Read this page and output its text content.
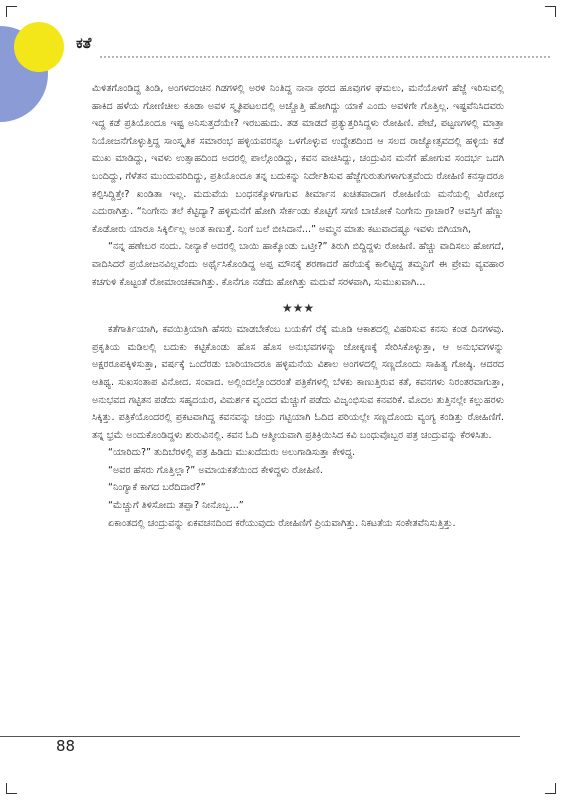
ಕತೆ

ಮಿಳಿತಗೊಂಡಿದ್ದ ತಿಂಡಿ, ಅಂಗಳದಂಚಿನ ಗಿಡಗಳಲ್ಲಿ ಅರಳಿ ನಿಂತಿದ್ದ ನಾನಾ ಥರದ ಹೂವುಗಳ ಘಮಲು, ಮನೆಯೊಳಗೆ ಹೆಜ್ಜೆ ಇರಿಸುವಲ್ಲಿ ಹಾಕಿದ ಹಳೆಯ ಗೋಣಿಚೀಲ ಕೂಡಾ ಅವಳ ಸ್ಮೃತಿಪಟಲದಲ್ಲಿ ಅಚ್ಚೊತ್ತಿ ಹೋಗಿದ್ದು ಯಾಕೆ ಎಂದು ಅವಳಿಗೇ ಗೊತ್ತಿಲ್ಲ. ಇಷ್ಟವೆನಿಸಿದವರು ಇದ್ದ ಕಡೆ ಪ್ರತಿಯೊಂದೂ ಇಷ್ಟ ಅನಿಸುತ್ತದೆಯೇ? ಇರಬಹುದು. ತಡ ಮಾಡದೆ ಪ್ರತ್ಯುತ್ತರಿಸಿದ್ದಳು ರೋಹಿಣಿ. ಪೇಟೆ, ಪಟ್ಟಣಗಳಲ್ಲಿ ಮಾತ್ರಾ ನಿಯೋಜನೆಗೊಳ್ಳುತ್ತಿದ್ದ ಸಾಂಸ್ಕೃತಿಕ ಸಮಾರಂಭ ಹಳ್ಳಿಯವರನ್ನೂ ಒಳಗೊಳ್ಳುವ ಉದ್ದೇಶದಿಂದ ಆ ಸಲದ ರಾಜ್ಯೋತ್ಸವದಲ್ಲಿ ಹಳ್ಳಿಯ ಕಡೆ ಮುಖ ಮಾಡಿದ್ದು, ಇವಳು ಉತ್ಸಾಹದಿಂದ ಅದರಲ್ಲಿ ಪಾಲ್ಗೊಂಡಿದ್ದು, ಕವನ ವಾಚಿಸಿದ್ದು, ಚಂದ್ರುವಿನ ಮನೆಗೆ ಹೋಗುವ ಸಂದರ್ಭ ಒದಗಿ ಬಂದಿದ್ದು, ಗೆಳೆತನ ಮುಂದುವರಿದಿದ್ದು, ಪ್ರತಿಯೊಂದೂ ತನ್ನ ಬದುಕನ್ನು ನಿರ್ದೇಶಿಸುವ ಹೆಜ್ಜೆಗುರುತುಗಳಾಗುತ್ತವೆಂದು ರೋಹಿಣಿ ಕನಸ್ಸಾದರೂ ಕಲ್ಪಿಸಿದ್ದಿತ್ತೇ? ಖಂಡಿತಾ ಇಲ್ಲ. ಮದುವೆಯ ಬಂಧನಕ್ಕೊಳಗಾಗುವ ತೀರ್ಮಾನ ಖಚಿತವಾದಾಗ ರೋಹಿಣಿಯ ಮನೆಯಲ್ಲಿ ವಿರೋಧ ಎದುರಾಗಿತ್ತು. “ನಿಂಗೇನು ತಲೆ ಕೆಟ್ಟಿದ್ಯಾ? ಹಳ್ಳಿಮನೆಗೆ ಹೋಗಿ ಸೇರ್ಕಂಡು ಕೊಟ್ಟಿಗೆ ಸಗಣಿ ಬಾಚೋಕೆ ನಿಂಗೇನು ಗ್ರಾಚಾರ? ಅವಸ್ತಿಗೆ ಹೆಣ್ಣು ಕೊಡೋರು ಯಾರೂ ಸಿಕ್ಕಿರ್ಲಿಲ್ಲ ಅಂತ ಕಾಣುತ್ತೆ. ನಿಂಗೆ ಬಲೆ ಬೀಸಿದಾನೆ...” ಅಮ್ಮನ ಮಾತು ಕಟುವಾದಷ್ಟೂ ಇವಳು ಬಿಗಿಯಾಗಿ,

“ನನ್ನ ಹಣೇಬರ ನಂದು. ನೀನ್ಯಾಕೆ ಅದರಲ್ಲಿ ಬಾಯಿ ಹಾಕ್ಕೊಂಡು ಒಟ್ತೀ?” ತಿರುಗಿ ಬಿದ್ದಿದ್ದಳು ರೋಹಿಣಿ. ಹೆಚ್ಚು ವಾದಿಸಲು ಹೋಗದೆ, ವಾದಿಸಿದರೆ ಪ್ರಯೋಜನವಿಲ್ಲವೆಂದು ಅರ್ಥೈಸಿಕೊಂಡಿದ್ದ ಅಪ್ಪ ಮೌನಕ್ಕೆ ಶರಣಾದರೆ ಹರೆಯಕ್ಕೆ ಕಾಲಿಟ್ಟಿದ್ದ ತಮ್ಮನಿಗೆ ಈ ಪ್ರೇಮ ವ್ಯವಹಾರ ಕಚಗುಳಿ ಕೊಟ್ಟಂತೆ ರೋಮಾಂಚಕವಾಗಿತ್ತು. ಕೊನೆಗೂ ನಡೆದು ಹೋಗಿತ್ತು ಮದುವೆ ಸರಳವಾಗಿ, ಸುಮುಖವಾಗಿ...

★★★

ಕತೆಗಾರ್ತಿಯಾಗಿ, ಕವಯಿತ್ರಿಯಾಗಿ ಹೆಸರು ಮಾಡಬೇಕೆಂಬ ಬಯಕೆಗೆ ರೆಕ್ಕೆ ಮೂಡಿ ಆಕಾಶದಲ್ಲಿ ವಿಹರಿಸುವ ಕನಸು ಕಂಡ ದಿನಗಳವು. ಪ್ರಕೃತಿಯ ಮಡಿಲಲ್ಲಿ ಬದುಕು ಕಟ್ಟಿಕೊಂಡು ಹೊಸ ಹೊಸ ಅನುಭವಗಳನ್ನು ಜೋಕ್ಕಣಕ್ಕೆ ಸೇರಿಸಿಕೊಳ್ಳುತ್ತಾ, ಆ ಅನುಭವಗಳನ್ನು ಅಕ್ಷರರೂಪಕ್ಕಿಳಿಸುತ್ತಾ, ವರ್ಷಕ್ಕೆ ಒಂದೆರಡು ಬಾರಿಯಾದರೂ ಹಳ್ಳಿಮನೆಯ ವಿಶಾಲ ಅಂಗಳದಲ್ಲಿ ಸಣ್ಣದೊಂದು ಸಾಹಿತ್ಯ ಗೋಷ್ಠಿ. ಆದರದ ಆತಿಥ್ಯ. ಸುಖಸಂತಾಪ ವಿನೋದ. ಸಂವಾದ. ಅಲ್ಲಿಂದಲ್ಲೊಂದರಂತೆ ಪತ್ರಿಕೆಗಳಲ್ಲಿ ಬೆಳಕು ಕಾಣುತ್ತಿರುವ ಕತೆ, ಕವನಗಳು ನಿರಂತರವಾಗುತ್ತಾ, ಅನುಭವದ ಗಟ್ಟಿತನ ಪಡೆದು ಸಹೃದಯರ, ವಿಮರ್ಶಕ ವೃಂದದ ಮೆಚ್ಚುಗೆ ಪಡೆದು ವಿಜೃಂಭಿಸುವ ಕನವರಿಕೆ. ಮೊದಲ ತುತ್ತಿನಲ್ಲೇ ಕಲ್ಲುಹರಳು ಸಿಕ್ಕಿತ್ತು. ಪತ್ರಿಕೆಯೊಂದರಲ್ಲಿ ಪ್ರಕಟವಾಗಿದ್ದ ಕವನವನ್ನು ಚಂದ್ರು ಗಟ್ಟಿಯಾಗಿ ಓದಿದ ಪರಿಯಲ್ಲೇ ಸಣ್ಣದೊಂದು ವ್ಯಂಗ್ಯ ಕಂಡಿತ್ತು ರೋಹಿಣಿಗೆ. ತನ್ನ ಭ್ರಮೆ ಅಂದುಕೊಂಡಿದ್ದಳು ಶುರುವಿನಲ್ಲಿ. ಕವನ ಓದಿ ಆತ್ಮೀಯವಾಗಿ ಪ್ರತಿಕ್ರಿಯಿಸಿದ ಕವಿ ಬಂಧುವೊಬ್ಬರ ಪತ್ರ ಚಂದ್ರುವನ್ನು ಕೆರಳಿಸಿತು.

“ಯಾರಿದು?” ತುದಿಬೆರಳಲ್ಲಿ ಪತ್ರ ಹಿಡಿದು ಮುಖದೆದುರು ಅಲುಗಾಡಿಸುತ್ತಾ ಕೇಳಿದ್ದ.

“ಅವರ ಹೆಸರು ಗೊತ್ತಿಲ್ಲಾ?” ಅಮಾಯಕತೆಯಿಂದ ಕೇಳಿದ್ದಳು ರೋಹಿಣಿ.

“ನಿಂಗ್ಯಾಕೆ ಕಾಗದ ಬರೆದಿದಾರೆ?”

“ಮೆಚ್ಚುಗೆ ತಿಳಿಸೋದು ತಪ್ಪಾ? ನೀನೊಬ್ಬ...”

ಏಕಾಂತದಲ್ಲಿ ಚಂದ್ರುವನ್ನು ಏಕವಚನದಿಂದ ಕರೆಯುವುದು ರೋಹಿಣಿಗೆ ಪ್ರಿಯವಾಗಿತ್ತು. ನಿಕಟತೆಯ ಸಂಕೇತವೆನಿಸುತ್ತಿತ್ತು.

88
